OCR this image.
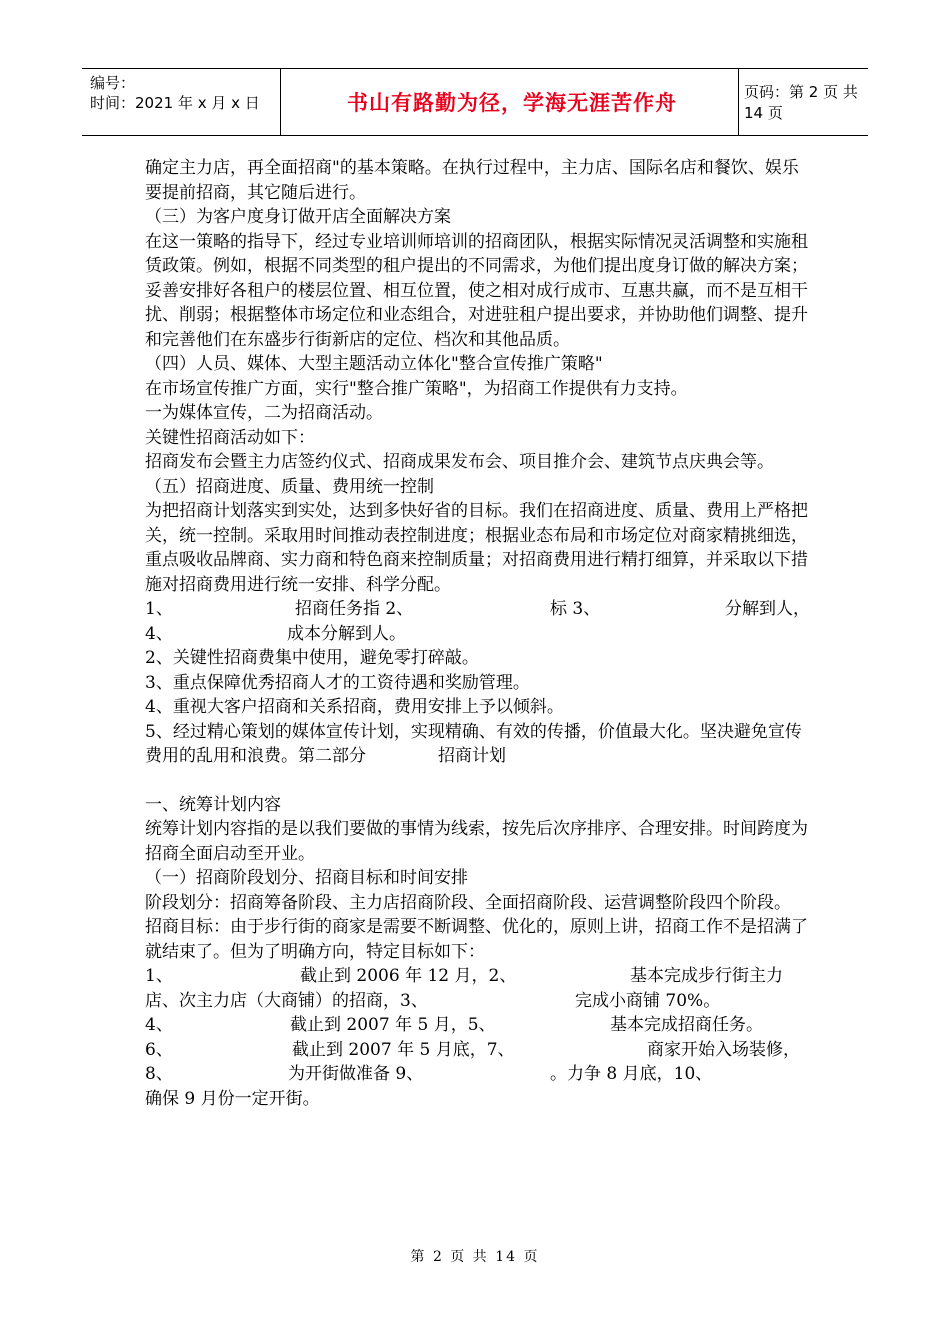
编号：
时间：2021 年 x 月 x 日	书山有路勤为径，学海无涯苦作舟	页码：第 2 页 共 14 页

确定主力店，再全面招商"的基本策略。在执行过程中，主力店、国际名店和餐饮、娱乐要提前招商，其它随后进行。

（三）为客户度身订做开店全面解决方案

在这一策略的指导下，经过专业培训师培训的招商团队，根据实际情况灵活调整和实施租赁政策。例如，根据不同类型的租户提出的不同需求，为他们提出度身订做的解决方案；妥善安排好各租户的楼层位置、相互位置，使之相对成行成市、互惠共赢，而不是互相干扰、削弱；根据整体市场定位和业态组合，对进驻租户提出要求，并协助他们调整、提升和完善他们在东盛步行街新店的定位、档次和其他品质。

（四）人员、媒体、大型主题活动立体化"整合宣传推广策略"

在市场宣传推广方面，实行"整合推广策略"，为招商工作提供有力支持。

一为媒体宣传，二为招商活动。

关键性招商活动如下：

招商发布会暨主力店签约仪式、招商成果发布会、项目推介会、建筑节点庆典会等。

（五）招商进度、质量、费用统一控制

为把招商计划落实到实处，达到多快好省的目标。我们在招商进度、质量、费用上严格把关，统一控制。采取用时间推动表控制进度；根据业态布局和市场定位对商家精挑细选，重点吸收品牌商、实力商和特色商来控制质量；对招商费用进行精打细算，并采取以下措施对招商费用进行统一安排、科学分配。

1、	招商任务指 2、	标 3、	分解到人，
4、	成本分解到人。

2、关键性招商费集中使用，避免零打碎敲。

3、重点保障优秀招商人才的工资待遇和奖励管理。

4、重视大客户招商和关系招商，费用安排上予以倾斜。

5、经过精心策划的媒体宣传计划，实现精确、有效的传播，价值最大化。坚决避免宣传费用的乱用和浪费。第二部分	招商计划

一、统筹计划内容

统筹计划内容指的是以我们要做的事情为线索，按先后次序排序、合理安排。时间跨度为招商全面启动至开业。

（一）招商阶段划分、招商目标和时间安排

阶段划分：招商筹备阶段、主力店招商阶段、全面招商阶段、运营调整阶段四个阶段。

招商目标：由于步行街的商家是需要不断调整、优化的，原则上讲，招商工作不是招满了就结束了。但为了明确方向，特定目标如下：

1、	截止到 2006 年 12 月，2、	基本完成步行街主力
店、次主力店（大商铺）的招商，3、	完成小商铺 70%。
4、	截止到 2007 年 5 月，5、	基本完成招商任务。
6、	截止到 2007 年 5 月底，7、	商家开始入场装修，
8、	为开街做准备 9、	。力争 8 月底，10、

确保 9 月份一定开街。

第 2 页 共 14 页
